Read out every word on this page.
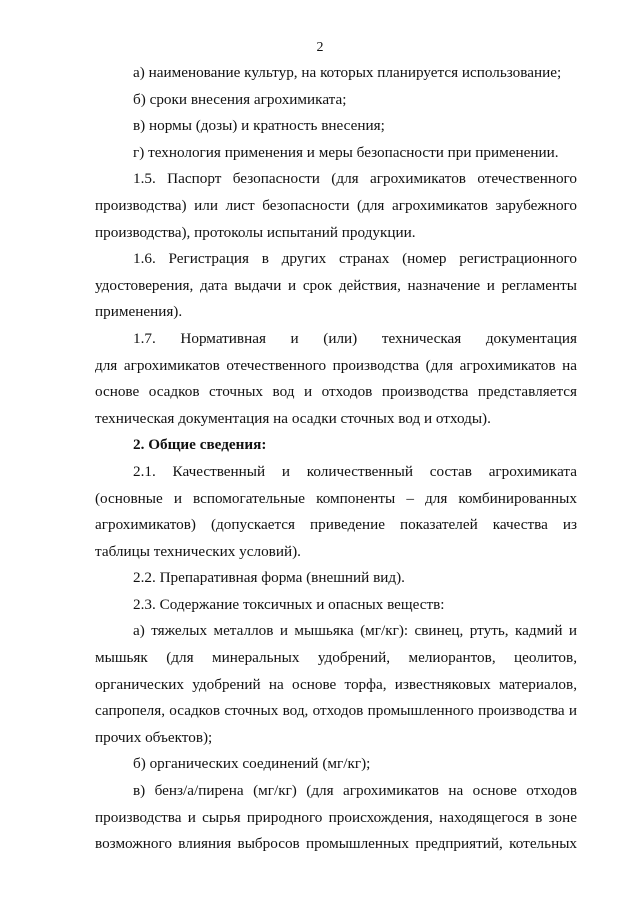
2

а) наименование культур, на которых планируется использование;

б) сроки внесения агрохимиката;

в) нормы (дозы) и кратность внесения;

г) технология применения и меры безопасности при применении.

1.5. Паспорт безопасности (для агрохимикатов отечественного производства) или лист безопасности (для агрохимикатов зарубежного производства), протоколы испытаний продукции.

1.6. Регистрация в других странах (номер регистрационного удостоверения, дата выдачи и срок действия, назначение и регламенты применения).

1.7. Нормативная и (или) техническая документация

для агрохимикатов отечественного производства (для агрохимикатов на основе осадков сточных вод и отходов производства представляется техническая документация на осадки сточных вод и отходы).

2. Общие сведения:

2.1. Качественный и количественный состав агрохимиката (основные и вспомогательные компоненты – для комбинированных агрохимикатов) (допускается приведение показателей качества из таблицы технических условий).

2.2. Препаративная форма (внешний вид).

2.3. Содержание токсичных и опасных веществ:

а) тяжелых металлов и мышьяка (мг/кг): свинец, ртуть, кадмий и мышьяк (для минеральных удобрений, мелиорантов, цеолитов, органических удобрений на основе торфа, известняковых материалов, сапропеля, осадков сточных вод, отходов промышленного производства и прочих объектов);

б) органических соединений (мг/кг);

в) бенз/а/пирена (мг/кг) (для агрохимикатов на основе отходов производства и сырья природного происхождения, находящегося в зоне возможного влияния выбросов промышленных предприятий, котельных
